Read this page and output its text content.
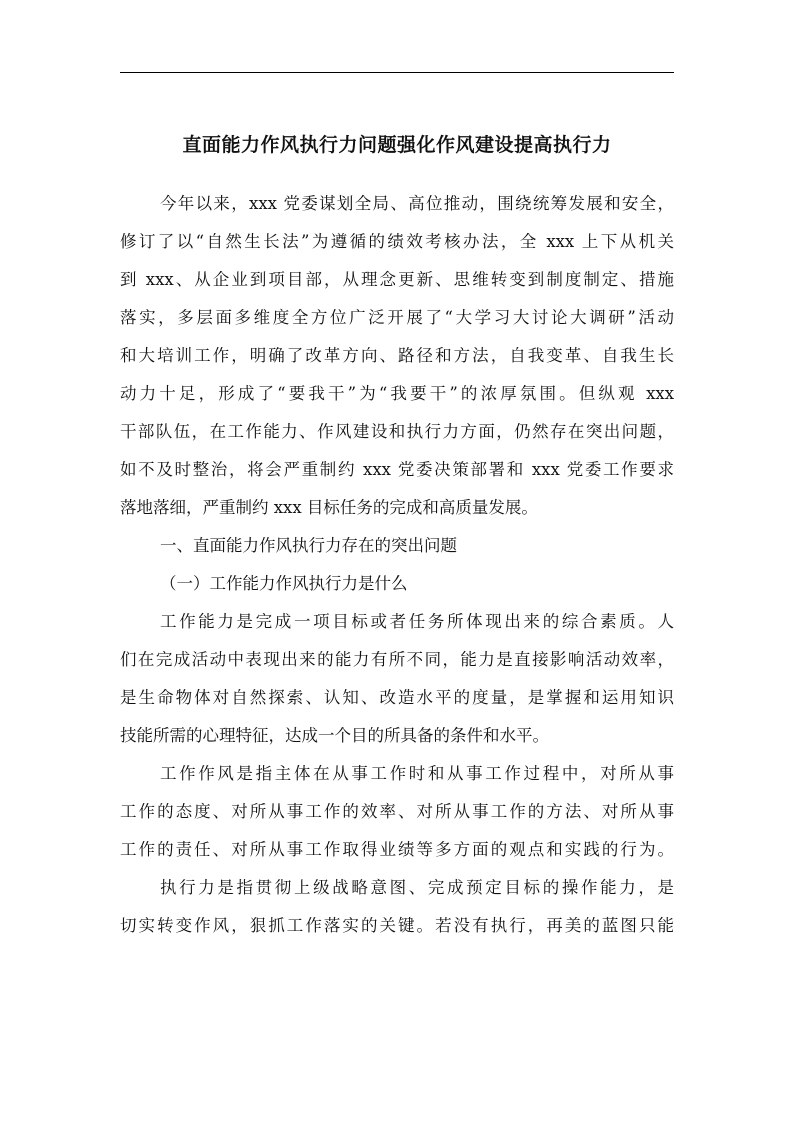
直面能力作风执行力问题强化作风建设提高执行力
今年以来，xxx 党委谋划全局、高位推动，围绕统筹发展和安全，
修订了以“自然生长法”为遵循的绩效考核办法，全 xxx 上下从机关
到 xxx、从企业到项目部，从理念更新、思维转变到制度制定、措施
落实，多层面多维度全方位广泛开展了“大学习大讨论大调研”活动
和大培训工作，明确了改革方向、路径和方法，自我变革、自我生长
动力十足，形成了“要我干”为“我要干”的浓厚氛围。但纵观 xxx
干部队伍，在工作能力、作风建设和执行力方面，仍然存在突出问题，
如不及时整治，将会严重制约 xxx 党委决策部署和 xxx 党委工作要求
落地落细，严重制约 xxx 目标任务的完成和高质量发展。
一、直面能力作风执行力存在的突出问题
（一）工作能力作风执行力是什么
工作能力是完成一项目标或者任务所体现出来的综合素质。人
们在完成活动中表现出来的能力有所不同，能力是直接影响活动效率，
是生命物体对自然探索、认知、改造水平的度量，是掌握和运用知识
技能所需的心理特征，达成一个目的所具备的条件和水平。
工作作风是指主体在从事工作时和从事工作过程中，对所从事
工作的态度、对所从事工作的效率、对所从事工作的方法、对所从事
工作的责任、对所从事工作取得业绩等多方面的观点和实践的行为。
执行力是指贯彻上级战略意图、完成预定目标的操作能力，是
切实转变作风，狠抓工作落实的关键。若没有执行，再美的蓝图只能
